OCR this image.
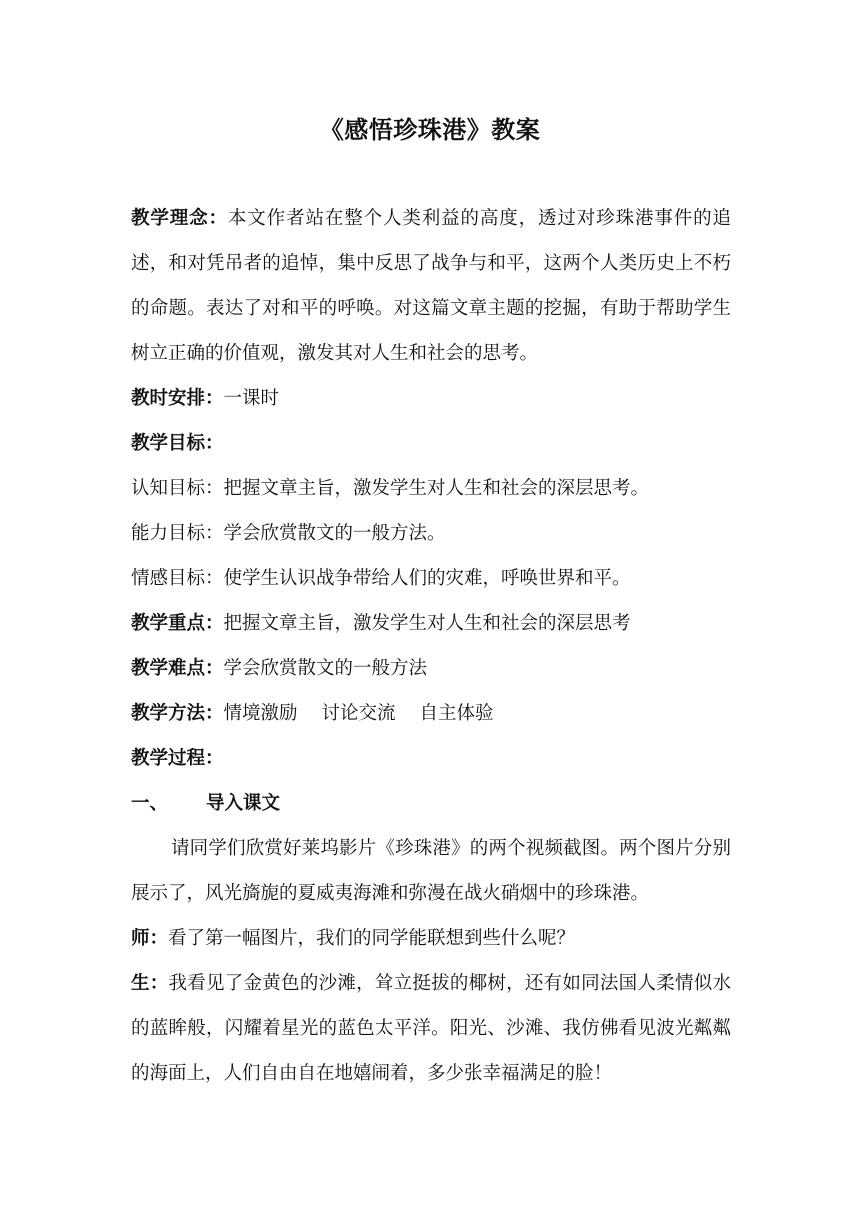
《感悟珍珠港》教案

教学理念：本文作者站在整个人类利益的高度，透过对珍珠港事件的追述，和对凭吊者的追悼，集中反思了战争与和平，这两个人类历史上不朽的命题。表达了对和平的呼唤。对这篇文章主题的挖掘，有助于帮助学生树立正确的价值观，激发其对人生和社会的思考。

教时安排：一课时

教学目标：

认知目标：把握文章主旨，激发学生对人生和社会的深层思考。

能力目标：学会欣赏散文的一般方法。

情感目标：使学生认识战争带给人们的灾难，呼唤世界和平。

教学重点：把握文章主旨，激发学生对人生和社会的深层思考

教学难点：学会欣赏散文的一般方法

教学方法：情境激励 讨论交流 自主体验

教学过程：

一、 导入课文

请同学们欣赏好莱坞影片《珍珠港》的两个视频截图。两个图片分别展示了，风光旖旎的夏威夷海滩和弥漫在战火硝烟中的珍珠港。

师：看了第一幅图片，我们的同学能联想到些什么呢？

生：我看见了金黄色的沙滩，耸立挺拔的椰树，还有如同法国人柔情似水的蓝眸般，闪耀着星光的蓝色太平洋。阳光、沙滩、我仿佛看见波光粼粼的海面上，人们自由自在地嬉闹着，多少张幸福满足的脸！
